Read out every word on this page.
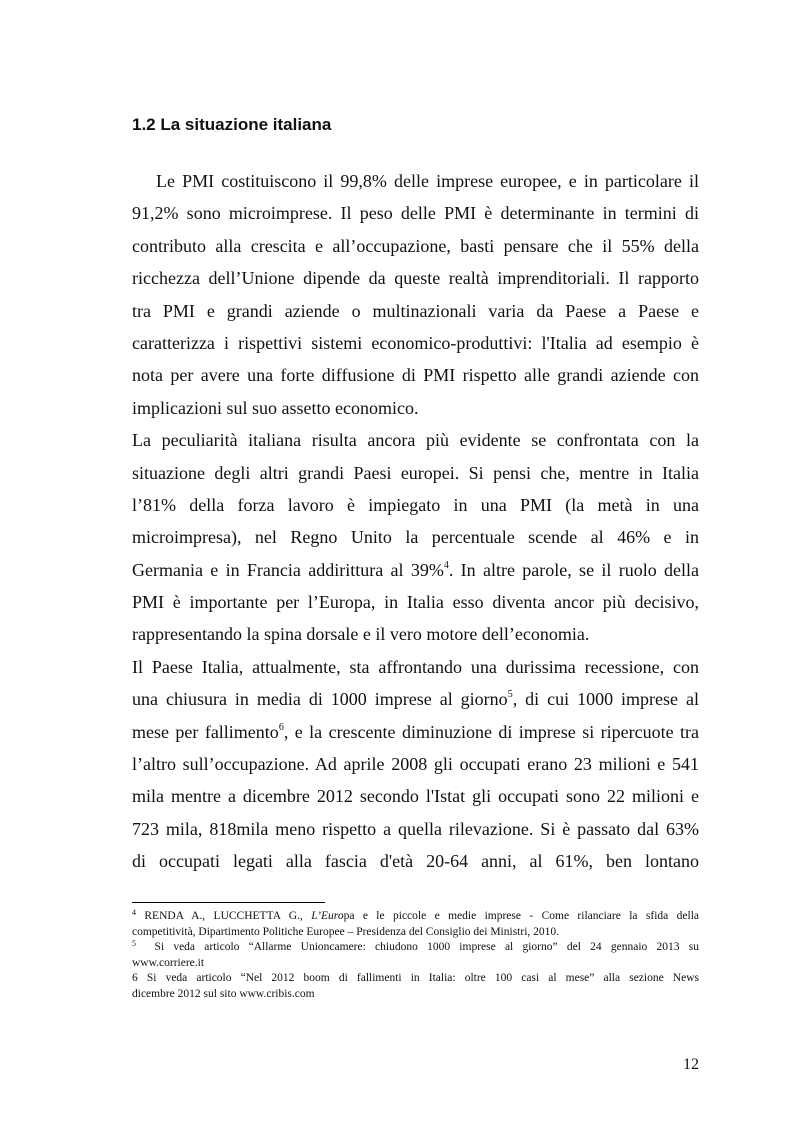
1.2 La situazione italiana
Le PMI costituiscono il 99,8% delle imprese europee, e in particolare il
91,2% sono microimprese. Il peso delle PMI è determinante in termini di
contributo alla crescita e all’occupazione, basti pensare che il 55% della
ricchezza dell’Unione dipende da queste realtà imprenditoriali. Il rapporto
tra PMI e grandi aziende o multinazionali varia da Paese a Paese e
caratterizza i rispettivi sistemi economico-produttivi: l'Italia ad esempio è
nota per avere una forte diffusione di PMI rispetto alle grandi aziende con
implicazioni sul suo assetto economico.
La peculiarità italiana risulta ancora più evidente se confrontata con la
situazione degli altri grandi Paesi europei. Si pensi che, mentre in Italia
l’81% della forza lavoro è impiegato in una PMI (la metà in una
microimpresa), nel Regno Unito la percentuale scende al 46% e in
Germania e in Francia addirittura al 39%$^4$. In altre parole, se il ruolo della
PMI è importante per l’Europa, in Italia esso diventa ancor più decisivo,
rappresentando la spina dorsale e il vero motore dell’economia.
Il Paese Italia, attualmente, sta affrontando una durissima recessione, con
una chiusura in media di 1000 imprese al giorno$^5$, di cui 1000 imprese al
mese per fallimento$^6$, e la crescente diminuzione di imprese si ripercuote tra
l’altro sull’occupazione. Ad aprile 2008 gli occupati erano 23 milioni e 541
mila mentre a dicembre 2012 secondo l'Istat gli occupati sono 22 milioni e
723 mila, 818mila meno rispetto a quella rilevazione. Si è passato dal 63%
di occupati legati alla fascia d'età 20-64 anni, al 61%, ben lontano
$^4$ RENDA A., LUCCHETTA G., L’Europa e le piccole e medie imprese - Come rilanciare la sfida della
competitività, Dipartimento Politiche Europee – Presidenza del Consiglio dei Ministri, 2010.
$^5$ Si veda articolo “Allarme Unioncamere: chiudono 1000 imprese al giorno” del 24 gennaio 2013 su
www.corriere.it
6 Si veda articolo “Nel 2012 boom di fallimenti in Italia: oltre 100 casi al mese” alla sezione News
dicembre 2012 sul sito www.cribis.com
12
